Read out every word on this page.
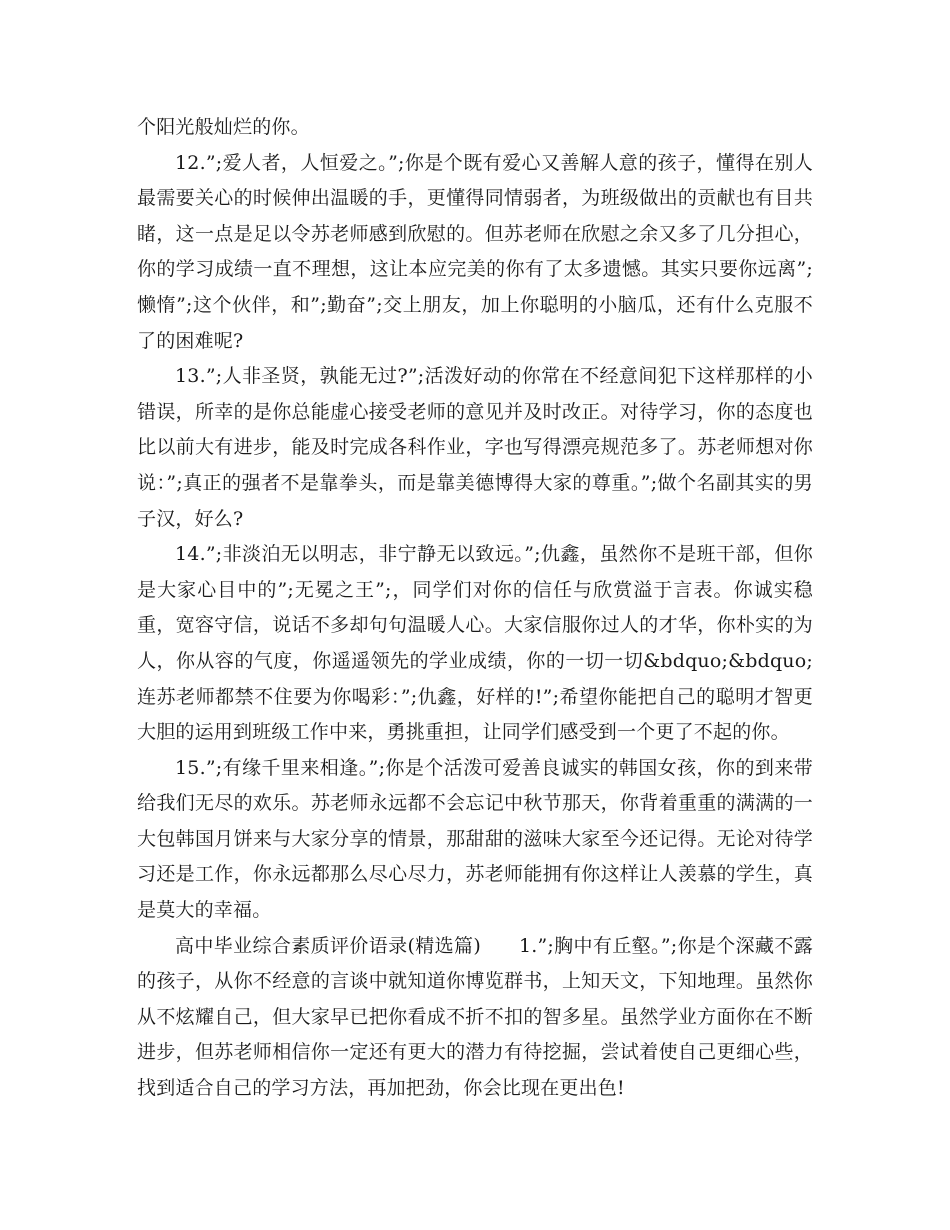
个阳光般灿烂的你。

12.”;爱人者，人恒爱之。”;你是个既有爱心又善解人意的孩子，懂得在别人最需要关心的时候伸出温暖的手，更懂得同情弱者，为班级做出的贡献也有目共睹，这一点是足以令苏老师感到欣慰的。但苏老师在欣慰之余又多了几分担心，你的学习成绩一直不理想，这让本应完美的你有了太多遗憾。其实只要你远离”;懒惰”;这个伙伴，和”;勤奋”;交上朋友，加上你聪明的小脑瓜，还有什么克服不了的困难呢?

13.”;人非圣贤，孰能无过?”;活泼好动的你常在不经意间犯下这样那样的小错误，所幸的是你总能虚心接受老师的意见并及时改正。对待学习，你的态度也比以前大有进步，能及时完成各科作业，字也写得漂亮规范多了。苏老师想对你说：”;真正的强者不是靠拳头，而是靠美德博得大家的尊重。”;做个名副其实的男子汉，好么?

14.”;非淡泊无以明志，非宁静无以致远。”;仇鑫，虽然你不是班干部，但你是大家心目中的”;无冕之王”;，同学们对你的信任与欣赏溢于言表。你诚实稳重，宽容守信，说话不多却句句温暖人心。大家信服你过人的才华，你朴实的为人，你从容的气度，你遥遥领先的学业成绩，你的一切一切&bdquo;&bdquo;连苏老师都禁不住要为你喝彩：”;仇鑫，好样的!”;希望你能把自己的聪明才智更大胆的运用到班级工作中来，勇挑重担，让同学们感受到一个更了不起的你。

15.”;有缘千里来相逢。”;你是个活泼可爱善良诚实的韩国女孩，你的到来带给我们无尽的欢乐。苏老师永远都不会忘记中秋节那天，你背着重重的满满的一大包韩国月饼来与大家分享的情景，那甜甜的滋味大家至今还记得。无论对待学习还是工作，你永远都那么尽心尽力，苏老师能拥有你这样让人羡慕的学生，真是莫大的幸福。

高中毕业综合素质评价语录(精选篇) 1.”;胸中有丘壑。”;你是个深藏不露的孩子，从你不经意的言谈中就知道你博览群书，上知天文，下知地理。虽然你从不炫耀自己，但大家早已把你看成不折不扣的智多星。虽然学业方面你在不断进步，但苏老师相信你一定还有更大的潜力有待挖掘，尝试着使自己更细心些，找到适合自己的学习方法，再加把劲，你会比现在更出色!
